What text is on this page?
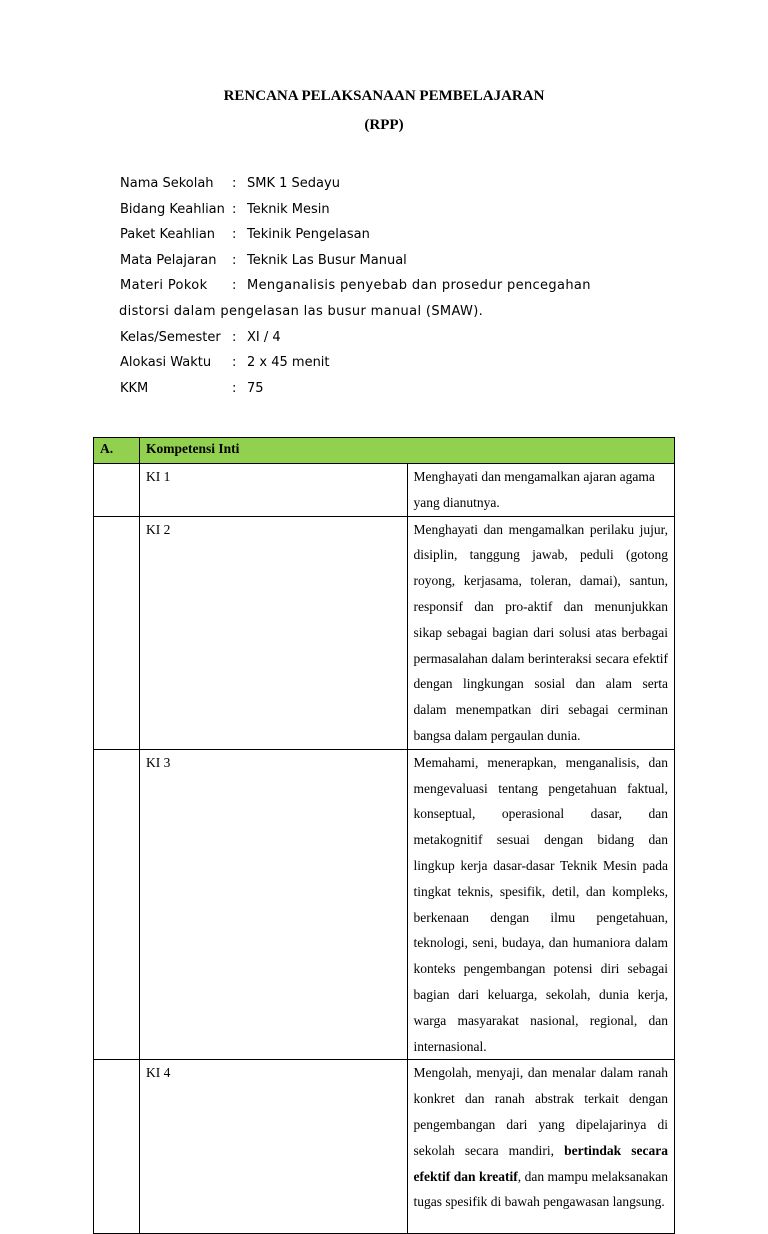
RENCANA PELAKSANAAN PEMBELAJARAN
(RPP)
Nama Sekolah	: SMK 1 Sedayu
Bidang Keahlian : Teknik Mesin
Paket Keahlian	: Tekinik Pengelasan
Mata Pelajaran	: Teknik Las Busur Manual
Materi Pokok	: Menganalisis penyebab dan prosedur pencegahan
distorsi dalam pengelasan las busur manual (SMAW).
Kelas/Semester : XI / 4
Alokasi Waktu	: 2 x 45 menit
KKM	: 75
A.	Kompetensi Inti	
	KI 1	Menghayati dan mengamalkan ajaran agama yang dianutnya.
	KI 2	Menghayati dan mengamalkan perilaku jujur, disiplin, tanggung jawab, peduli (gotong royong, kerjasama, toleran, damai), santun, responsif dan pro-aktif dan menunjukkan sikap sebagai bagian dari solusi atas berbagai permasalahan dalam berinteraksi secara efektif dengan lingkungan sosial dan alam serta dalam menempatkan diri sebagai cerminan bangsa dalam pergaulan dunia.
	KI 3	Memahami, menerapkan, menganalisis, dan mengevaluasi tentang pengetahuan faktual, konseptual, operasional dasar, dan metakognitif sesuai dengan bidang dan lingkup kerja dasar-dasar Teknik Mesin pada tingkat teknis, spesifik, detil, dan kompleks, berkenaan dengan ilmu pengetahuan, teknologi, seni, budaya, dan humaniora dalam konteks pengembangan potensi diri sebagai bagian dari keluarga, sekolah, dunia kerja, warga masyarakat nasional, regional, dan internasional.
	KI 4	Mengolah, menyaji, dan menalar dalam ranah konkret dan ranah abstrak terkait dengan pengembangan dari yang dipelajarinya di sekolah secara mandiri, bertindak secara efektif dan kreatif, dan mampu melaksanakan tugas spesifik di bawah pengawasan langsung.
